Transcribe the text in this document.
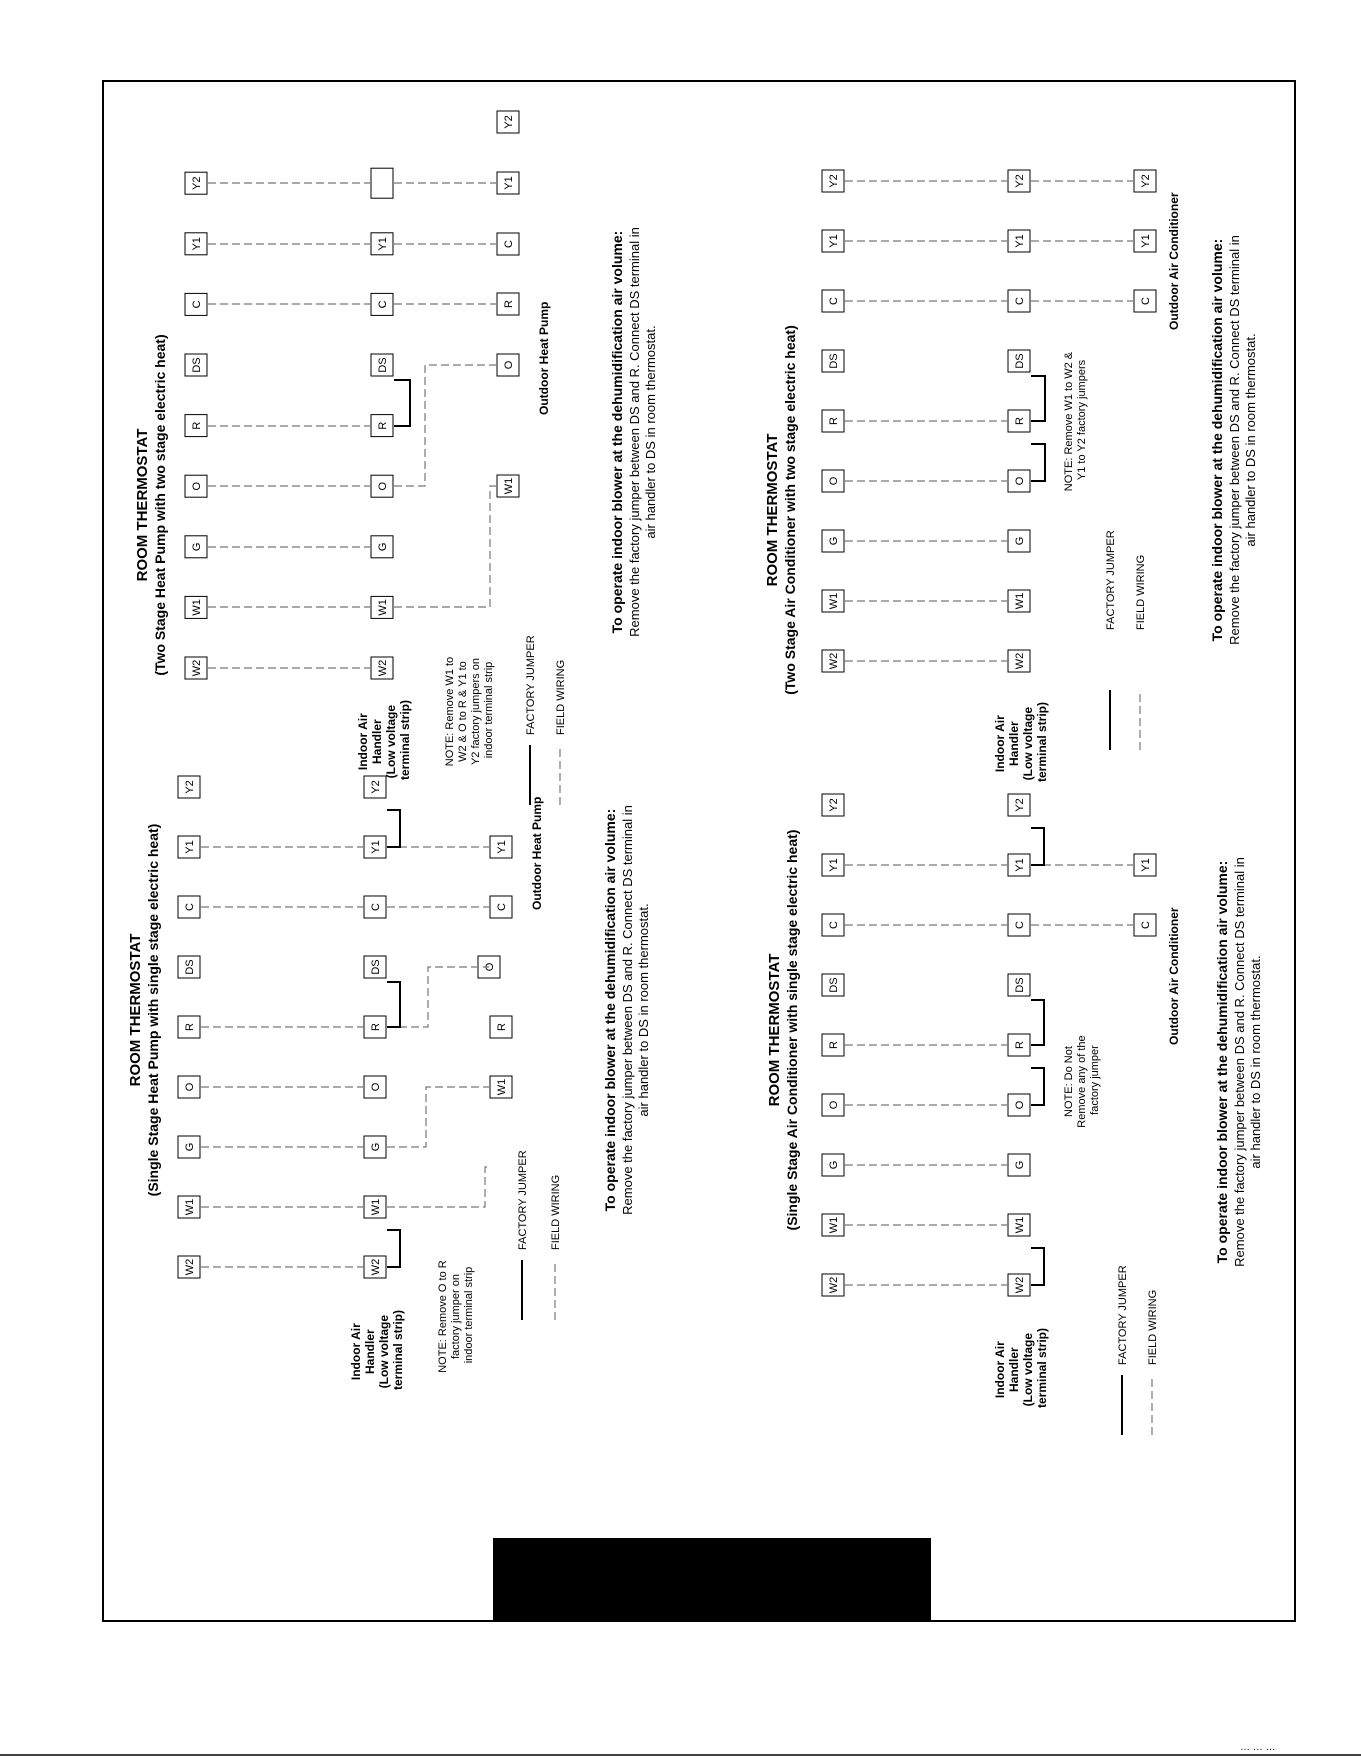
… … …
ROOM THERMOSTAT (Single Stage Heat Pump with single stage electric heat)
W2
W1
G
O
R
DS
C
Y1
Y2
W2
W1
G
O
R
DS
C
Y1
Y2
W1
O
R
C
Y1
Indoor Air Handler (Low voltage terminal strip)	NOTE: Remove O to R factory jumper on indoor terminal strip
FACTORY JUMPER FIELD WIRING
Outdoor Heat Pump	To operate indoor blower at the dehumidification air volume: Remove the factory jumper between DS and R. Connect DS terminal in air handler to DS in room thermostat.
ROOM THERMOSTAT (Two Stage Heat Pump with two stage electric heat) W2
W1
G
O
R
DS
C
Y1
Y2
W2
W1
G
O
R
DS
C
Y1
W1
O
R
C
Y1
Y2
Indoor Air Handler (Low voltage terminal strip)	NOTE: Remove W1 to W2 & O to R & Y1 to Y2 factory jumpers on indoor terminal strip	FACTORY JUMPER FIELD WIRING
Outdoor Heat Pump	To operate indoor blower at the dehumidification air volume: Remove the factory jumper between DS and R. Connect DS terminal in air handler to DS in room thermostat.
ROOM THERMOSTAT (Single Stage Air Conditioner with single stage electric heat)
W2
W1
G
O
R
DS
C
Y1
Y2
W2
W1
G
O
R
DS
C
Y1
Y2
C
Y1
Indoor Air Handler (Low voltage terminal strip)
NOTE: Do Not Remove any of the factory jumper
FACTORY JUMPER FIELD WIRING
Outdoor Air Conditioner To operate indoor blower at the dehumidification air volume: Remove the factory jumper between DS and R. Connect DS terminal in air handler to DS in room thermostat.
ROOM THERMOSTAT (Two Stage Air Conditioner with two stage electric heat)	W2
W1
G
O
R
DS
C
Y1
Y2
W2
W1
G
O
R
DS
C
Y1
Y2
C
Y1
Y2
Indoor Air Handler (Low voltage terminal strip)
NOTE: Remove W1 to W2 & Y1 to Y2 factory jumpers
FACTORY JUMPER FIELD WIRING
Outdoor Air Conditioner To operate indoor blower at the dehumidification air volume: Remove the factory jumper between DS and R. Connect DS terminal in air handler to DS in room thermostat.
